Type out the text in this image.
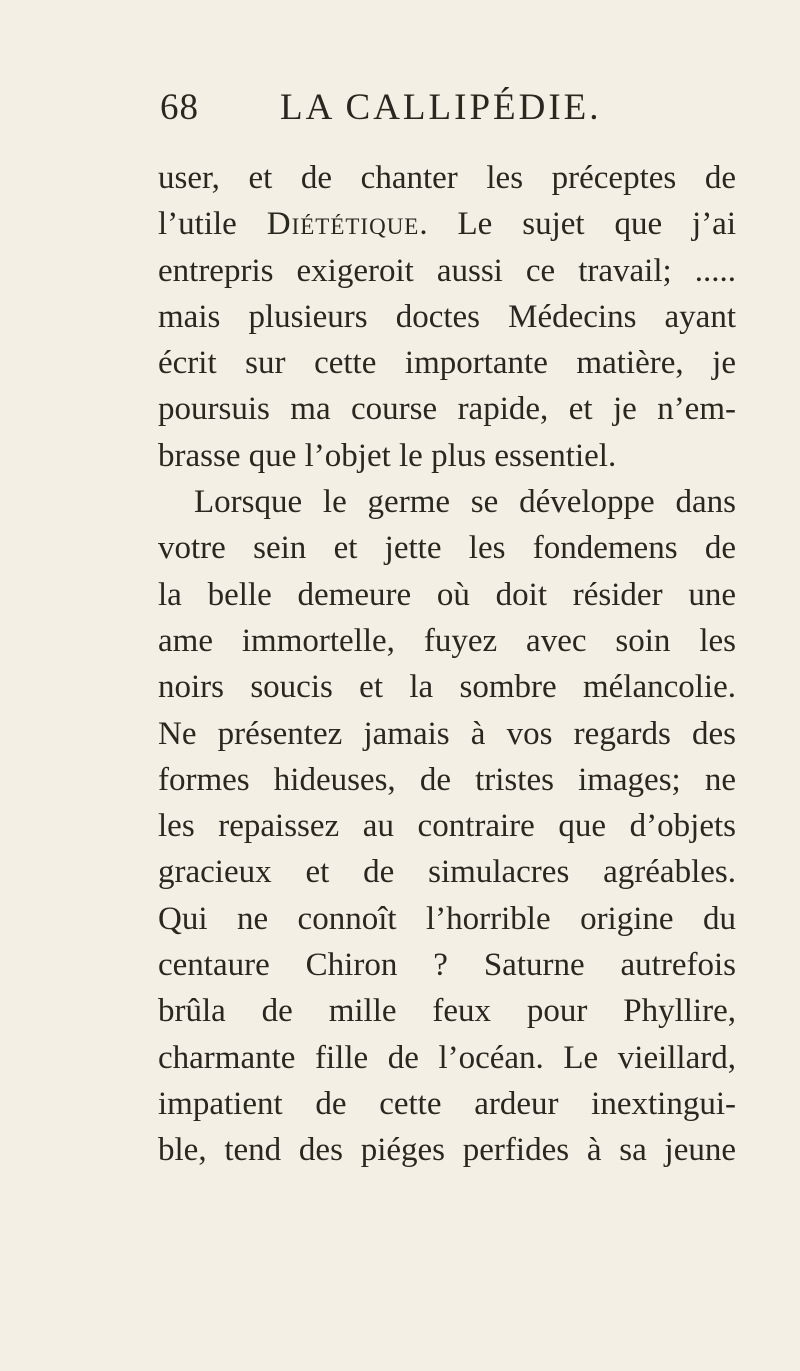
68 LA CALLIPÉDIE.
user, et de chanter les préceptes de
l’utile Diététique. Le sujet que j’ai
entrepris exigeroit aussi ce travail; .....
mais plusieurs doctes Médecins ayant
écrit sur cette importante matière, je
poursuis ma course rapide, et je n’em-
brasse que l’objet le plus essentiel.
Lorsque le germe se développe dans
votre sein et jette les fondemens de
la belle demeure où doit résider une
ame immortelle, fuyez avec soin les
noirs soucis et la sombre mélancolie.
Ne présentez jamais à vos regards des
formes hideuses, de tristes images; ne
les repaissez au contraire que d’objets
gracieux et de simulacres agréables.
Qui ne connoît l’horrible origine du
centaure Chiron ? Saturne autrefois
brûla de mille feux pour Phyllire,
charmante fille de l’océan. Le vieillard,
impatient de cette ardeur inextingui-
ble, tend des piéges perfides à sa jeune
